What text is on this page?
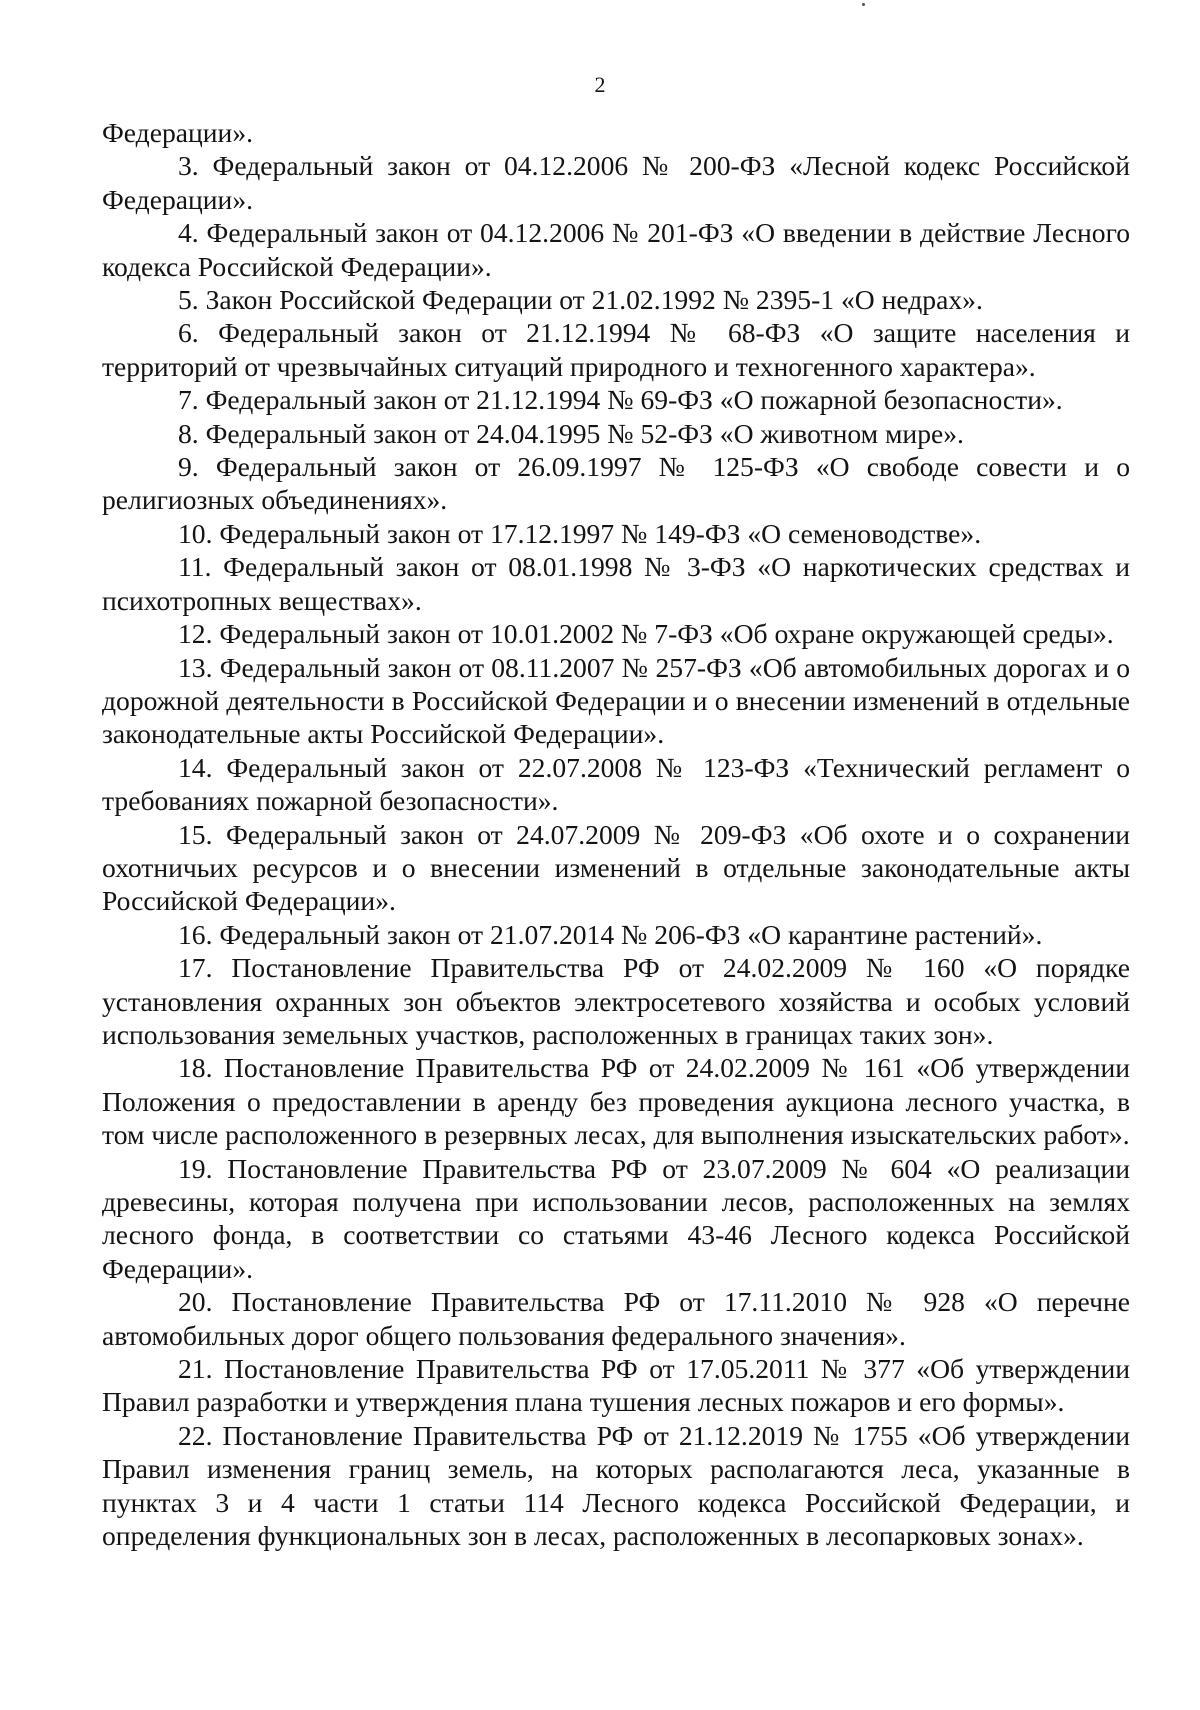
2

Федерации».

3. Федеральный закон от 04.12.2006 № 200-ФЗ «Лесной кодекс Российской Федерации».

4. Федеральный закон от 04.12.2006 № 201-ФЗ «О введении в действие Лесного кодекса Российской Федерации».

5. Закон Российской Федерации от 21.02.1992 № 2395-1 «О недрах».

6. Федеральный закон от 21.12.1994 № 68-ФЗ «О защите населения и территорий от чрезвычайных ситуаций природного и техногенного характера».

7. Федеральный закон от 21.12.1994 № 69-ФЗ «О пожарной безопасности».

8. Федеральный закон от 24.04.1995 № 52-ФЗ «О животном мире».

9. Федеральный закон от 26.09.1997 № 125-ФЗ «О свободе совести и о религиозных объединениях».

10. Федеральный закон от 17.12.1997 № 149-ФЗ «О семеноводстве».

11. Федеральный закон от 08.01.1998 № 3-ФЗ «О наркотических средствах и психотропных веществах».

12. Федеральный закон от 10.01.2002 № 7-ФЗ «Об охране окружающей среды».

13. Федеральный закон от 08.11.2007 № 257-ФЗ «Об автомобильных дорогах и о дорожной деятельности в Российской Федерации и о внесении изменений в отдельные законодательные акты Российской Федерации».

14. Федеральный закон от 22.07.2008 № 123-ФЗ «Технический регламент о требованиях пожарной безопасности».

15. Федеральный закон от 24.07.2009 № 209-ФЗ «Об охоте и о сохранении охотничьих ресурсов и о внесении изменений в отдельные законодательные акты Российской Федерации».

16. Федеральный закон от 21.07.2014 № 206-ФЗ «О карантине растений».

17. Постановление Правительства РФ от 24.02.2009 № 160 «О порядке установления охранных зон объектов электросетевого хозяйства и особых условий использования земельных участков, расположенных в границах таких зон».

18. Постановление Правительства РФ от 24.02.2009 № 161 «Об утверждении Положения о предоставлении в аренду без проведения аукциона лесного участка, в том числе расположенного в резервных лесах, для выполнения изыскательских работ».

19. Постановление Правительства РФ от 23.07.2009 № 604 «О реализации древесины, которая получена при использовании лесов, расположенных на землях лесного фонда, в соответствии со статьями 43-46 Лесного кодекса Российской Федерации».

20. Постановление Правительства РФ от 17.11.2010 № 928 «О перечне автомобильных дорог общего пользования федерального значения».

21. Постановление Правительства РФ от 17.05.2011 № 377 «Об утверждении Правил разработки и утверждения плана тушения лесных пожаров и его формы».

22. Постановление Правительства РФ от 21.12.2019 № 1755 «Об утверждении Правил изменения границ земель, на которых располагаются леса, указанные в пунктах 3 и 4 части 1 статьи 114 Лесного кодекса Российской Федерации, и определения функциональных зон в лесах, расположенных в лесопарковых зонах».
